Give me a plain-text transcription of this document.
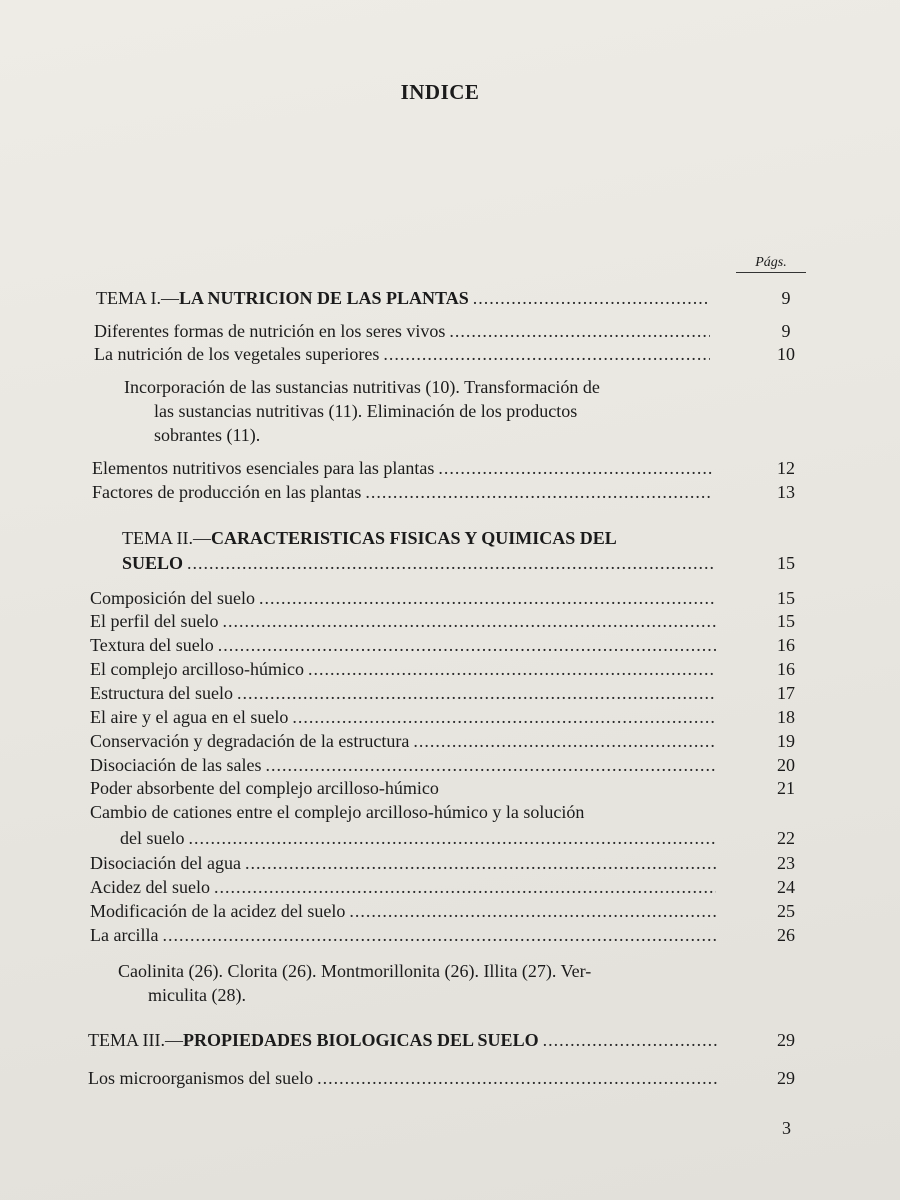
INDICE
Págs.
TEMA I.— LA NUTRICION DE LAS PLANTAS .....	9
Diferentes formas de nutrición en los seres vivos .....	9
La nutrición de los vegetales superiores .....	10
Incorporación de las sustancias nutritivas (10). Transformación de
las sustancias nutritivas (11). Eliminación de los productos
sobrantes (11).
Elementos nutritivos esenciales para las plantas .....	12
Factores de producción en las plantas .....	13
TEMA II.— CARACTERISTICAS FISICAS Y QUIMICAS DEL
SUELO .....	15
Composición del suelo .....	15
El perfil del suelo .....	15
Textura del suelo .....	16
El complejo arcilloso-húmico .....	16
Estructura del suelo .....	17
El aire y el agua en el suelo .....	18
Conservación y degradación de la estructura .....	19
Disociación de las sales .....	20
Poder absorbente del complejo arcilloso-húmico	21
Cambio de cationes entre el complejo arcilloso-húmico y la solución
del suelo .....	22
Disociación del agua .....	23
Acidez del suelo .....	24
Modificación de la acidez del suelo .....	25
La arcilla .....	26
Caolinita (26). Clorita (26). Montmorillonita (26). Illita (27). Ver-
miculita (28).
TEMA III.— PROPIEDADES BIOLOGICAS DEL SUELO .....	29
Los microorganismos del suelo .....	29
3
